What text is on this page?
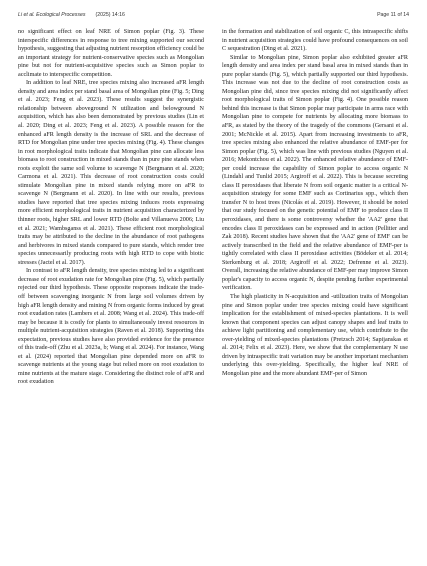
Li et al. Ecological Processes (2025) 14:16	Page 11 of 14

no significant effect on leaf NRE of Simon poplar (Fig. 3). These interspecific differences in response to tree mixing supported our second hypothesis, suggesting that adjusting nutrient resorption efficiency could be an important strategy for nutrient-conservative species such as Mongolian pine but not for nutrient-acquisitive species such as Simon poplar to acclimate to interspecific competition.

In addition to leaf NRE, tree species mixing also increased aFR length density and area index per stand basal area of Mongolian pine (Fig. 5; Ding et al. 2023; Feng et al. 2023). These results suggest the synergistic relationship between aboveground N utilization and belowground N acquisition, which has also been demonstrated by previous studies (Lin et al. 2020; Ding et al. 2023; Feng et al. 2023). A possible reason for the enhanced aFR length density is the increase of SRL and the decrease of RTD for Mongolian pine under tree species mixing (Fig. 4). These changes in root morphological traits indicate that Mongolian pine can allocate less biomass to root construction in mixed stands than in pure pine stands when roots exploit the same soil volume to scavenge N (Bergmann et al. 2020; Carmona et al. 2021). This decrease of root construction costs could stimulate Mongolian pine in mixed stands relying more on aFR to scavenge N (Bergmann et al. 2020). In line with our results, previous studies have reported that tree species mixing induces roots expressing more efficient morphological traits in nutrient acquisition characterized by thinner roots, higher SRL and lower RTD (Bolte and Villanueva 2006; Liu et al. 2021; Wambsganss et al. 2021). These efficient root morphological traits may be attributed to the decline in the abundance of root pathogens and herbivores in mixed stands compared to pure stands, which render tree species unnecessarily producing roots with high RTD to cope with biotic stresses (Jactel et al. 2017).

In contrast to aFR length density, tree species mixing led to a significant decrease of root exudation rate for Mongolian pine (Fig. 5), which partially rejected our third hypothesis. These opposite responses indicate the trade-off between scavenging inorganic N from large soil volumes driven by high aFR length density and mining N from organic forms induced by great root exudation rates (Lambers et al. 2008; Wang et al. 2024). This trade-off may be because it is costly for plants to simultaneously invest resources in multiple nutrient-acquisition strategies (Raven et al. 2018). Supporting this expectation, previous studies have also provided evidence for the presence of this trade-off (Zhu et al. 2023a, b; Wang et al. 2024). For instance, Wang et al. (2024) reported that Mongolian pine depended more on aFR to scavenge nutrients at the young stage but relied more on root exudation to mine nutrients at the mature stage. Considering the distinct role of aFR and root exudation

in the formation and stabilization of soil organic C, this intraspecific shifts in nutrient acquisition strategies could have profound consequences on soil C sequestration (Ding et al. 2021).

Similar to Mongolian pine, Simon poplar also exhibited greater aFR length density and area index per stand basal area in mixed stands than in pure poplar stands (Fig. 5), which partially supported our third hypothesis. This increase was not due to the decline of root construction costs as Mongolian pine did, since tree species mixing did not significantly affect root morphological traits of Simon poplar (Fig. 4). One possible reason behind this increase is that Simon poplar may participate in arms race with Mongolian pine to compete for nutrients by allocating more biomass to aFR, as stated by the theory of the tragedy of the commons (Gersani et al. 2001; McNickle et al. 2015). Apart from increasing investments to aFR, tree species mixing also enhanced the relative abundance of EMF-per for Simon poplar (Fig. 5), which was line with previous studies (Nguyen et al. 2016; Mekontchou et al. 2022). The enhanced relative abundance of EMF-per could increase the capability of Simon poplar to access organic N (Lindahl and Tunlid 2015; Argiroff et al. 2022). This is because secreting class II peroxidases that liberate N from soil organic matter is a critical N-acquisition strategy for some EMF such as Cortinarius spp., which then transfer N to host trees (Nicolás et al. 2019). However, it should be noted that our study focused on the genetic potential of EMF to produce class II peroxidases, and there is some controversy whether the 'AA2' gene that encodes class II peroxidases can be expressed and in action (Pellitier and Zak 2018). Recent studies have shown that the 'AA2' gene of EMF can be actively transcribed in the field and the relative abundance of EMF-per is tightly correlated with class II peroxidase activities (Bödeker et al. 2014; Sterkenburg et al. 2018; Argiroff et al. 2022; Defrenne et al. 2023). Overall, increasing the relative abundance of EMF-per may improve Simon poplar's capacity to access organic N, despite pending further experimental verification.

The high plasticity in N-acquisition and -utilization traits of Mongolian pine and Simon poplar under tree species mixing could have significant implication for the establishment of mixed-species plantations. It is well known that component species can adjust canopy shapes and leaf traits to achieve light partitioning and complementary use, which contribute to the over-yielding of mixed-species plantations (Pretzsch 2014; Sapijanskas et al. 2014; Felix et al. 2023). Here, we show that the complementary N use driven by intraspecific trait variation may be another important mechanism underlying this over-yielding. Specifically, the higher leaf NRE of Mongolian pine and the more abundant EMF-per of Simon
